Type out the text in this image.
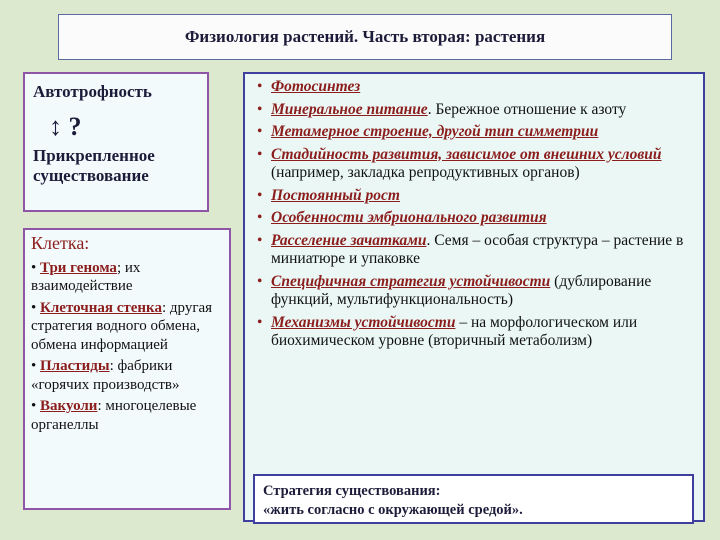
Физиология растений. Часть вторая: растения
Автотрофность
↕ ?
Прикрепленное существование
Клетка:
• Три генома; их взаимодействие
• Клеточная стенка: другая стратегия водного обмена, обмена информацией
• Пластиды: фабрики «горячих производств»
• Вакуоли: многоцелевые органеллы
• Фотосинтез
• Минеральное питание. Бережное отношение к азоту
• Метамерное строение, другой тип симметрии
• Стадийность развития, зависимое от внешних условий (например, закладка репродуктивных органов)
• Постоянный рост
• Особенности эмбрионального развития
• Расселение зачатками. Семя – особая структура – растение в миниатюре и упаковке
• Специфичная стратегия устойчивости (дублирование функций, мультифункциональность)
• Механизмы устойчивости – на морфологическом или биохимическом уровне (вторичный метаболизм)
Стратегия существования:
«жить согласно с окружающей средой».
